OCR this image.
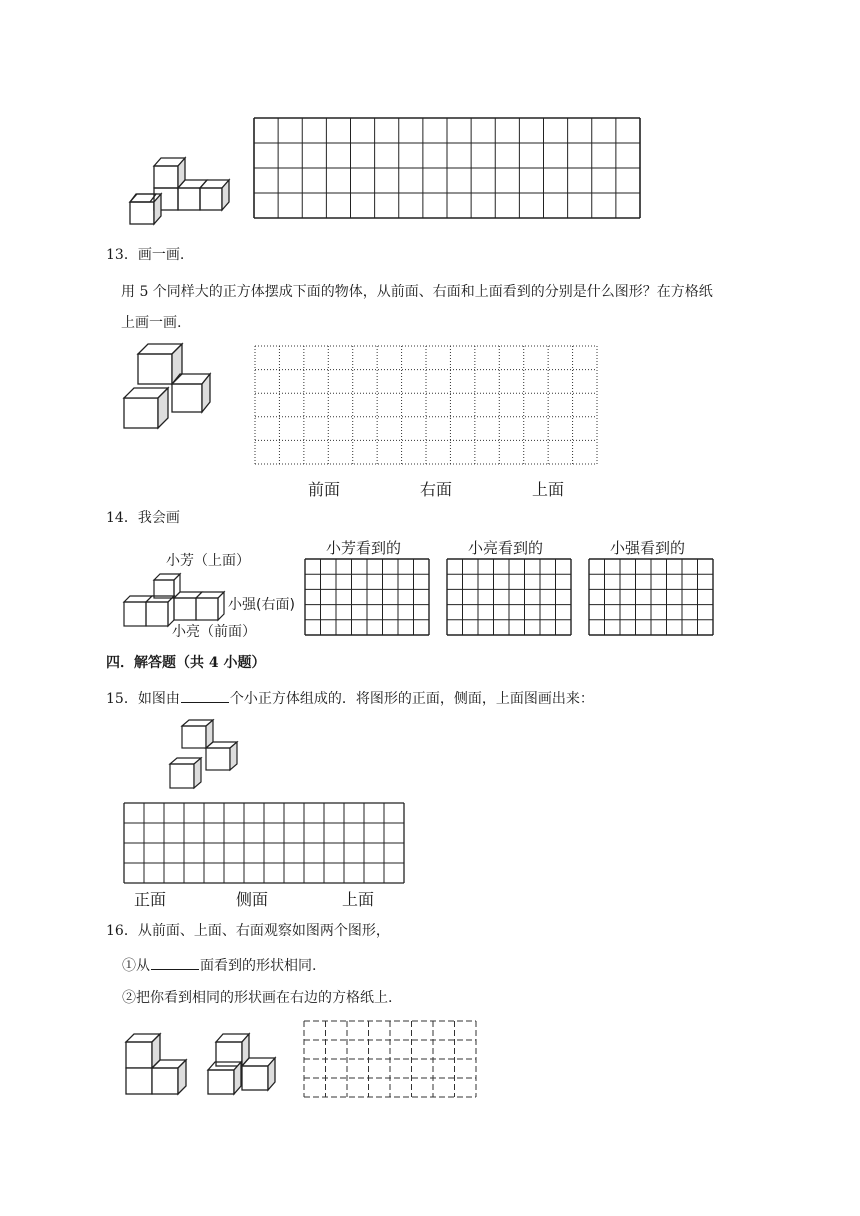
13．画一画.
用 5 个同样大的正方体摆成下面的物体，从前面、右面和上面看到的分别是什么图形？在方格纸
上画一画.
前面	右面	上面
14．我会画
小芳（上面）
小强(右面)
小亮（前面）
小芳看到的	小亮看到的	小强看到的
四．解答题（共 4 小题）
15．如图由	个小正方体组成的．将图形的正面，侧面，上面图画出来：
正面	侧面	上面
16．从前面、上面、右面观察如图两个图形，
①从	面看到的形状相同.
②把你看到相同的形状画在右边的方格纸上.
